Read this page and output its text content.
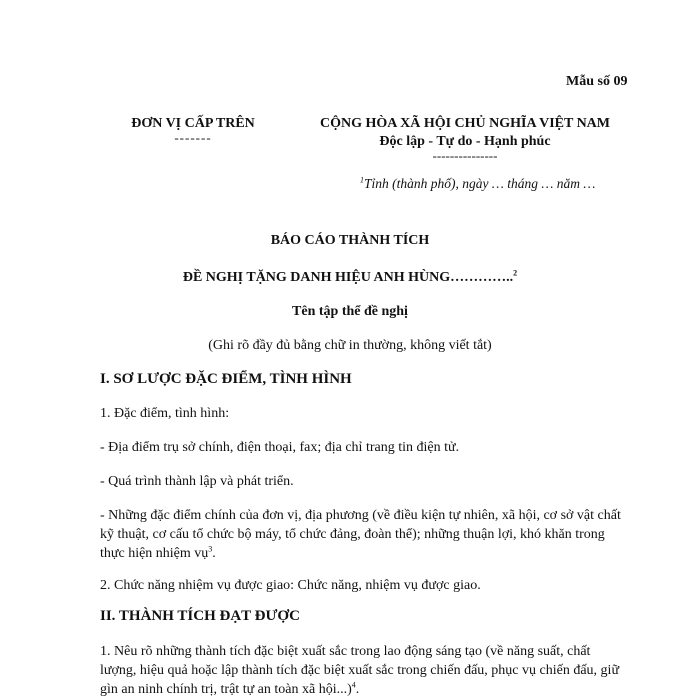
Mẫu số 09
ĐƠN VỊ CẤP TRÊN
-------
CỘNG HÒA XÃ HỘI CHỦ NGHĨA VIỆT NAM
Độc lập - Tự do - Hạnh phúc
---------------
$^1$Tỉnh (thành phố), ngày … tháng … năm …
BÁO CÁO THÀNH TÍCH
ĐỀ NGHỊ TẶNG DANH HIỆU ANH HÙNG…………..$^2$
Tên tập thể đề nghị
(Ghi rõ đầy đủ bằng chữ in thường, không viết tắt)
I. SƠ LƯỢC ĐẶC ĐIỂM, TÌNH HÌNH
1. Đặc điểm, tình hình:
- Địa điểm trụ sở chính, điện thoại, fax; địa chỉ trang tin điện tử.
- Quá trình thành lập và phát triển.
- Những đặc điểm chính của đơn vị, địa phương (về điều kiện tự nhiên, xã hội, cơ sở vật chất kỹ thuật, cơ cấu tổ chức bộ máy, tổ chức đảng, đoàn thể); những thuận lợi, khó khăn trong thực hiện nhiệm vụ$^3$.
2. Chức năng nhiệm vụ được giao: Chức năng, nhiệm vụ được giao.
II. THÀNH TÍCH ĐẠT ĐƯỢC
1. Nêu rõ những thành tích đặc biệt xuất sắc trong lao động sáng tạo (về năng suất, chất lượng, hiệu quả hoặc lập thành tích đặc biệt xuất sắc trong chiến đấu, phục vụ chiến đấu, giữ gìn an ninh chính trị, trật tự an toàn xã hội...)$^4$.
